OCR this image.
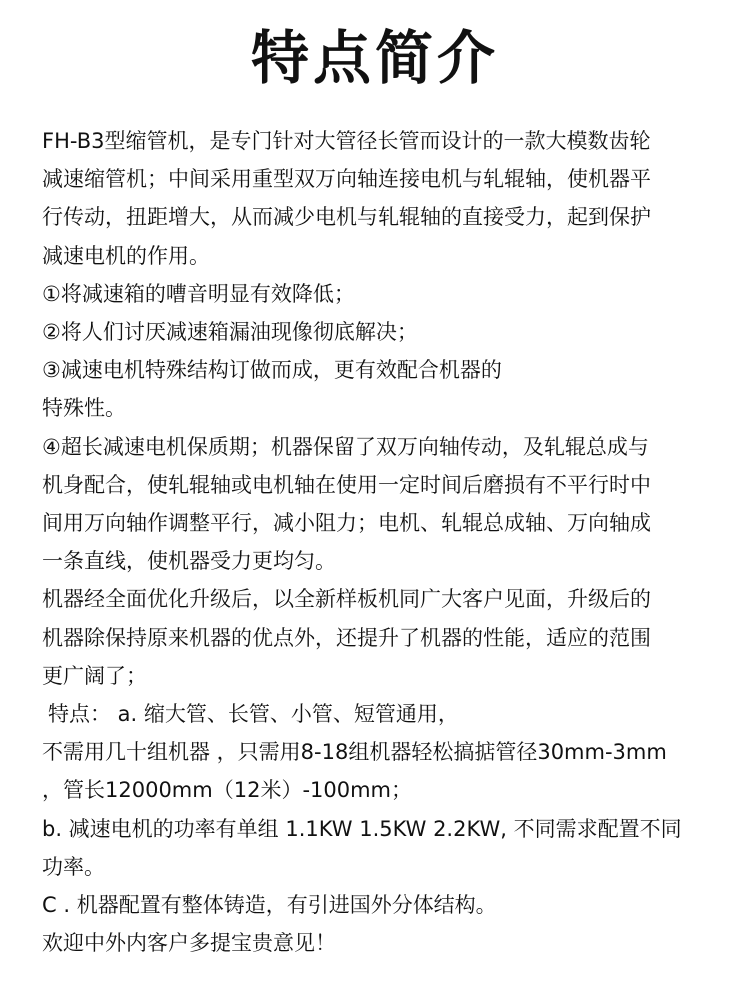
特点简介

FH-B3型缩管机，是专门针对大管径长管而设计的一款大模数齿轮

减速缩管机；中间采用重型双万向轴连接电机与轧辊轴，使机器平

行传动，扭距增大，从而减少电机与轧辊轴的直接受力，起到保护

减速电机的作用。

①将减速箱的嘈音明显有效降低；

②将人们讨厌减速箱漏油现像彻底解决；

③减速电机特殊结构订做而成，更有效配合机器的

特殊性。

④超长减速电机保质期；机器保留了双万向轴传动，及轧辊总成与

机身配合，使轧辊轴或电机轴在使用一定时间后磨损有不平行时中

间用万向轴作调整平行，减小阻力；电机、轧辊总成轴、万向轴成

一条直线，使机器受力更均匀。

机器经全面优化升级后，以全新样板机同广大客户见面，升级后的

机器除保持原来机器的优点外，还提升了机器的性能，适应的范围

更广阔了；

特点： a. 缩大管、长管、小管、短管通用，

不需用几十组机器 ，只需用8-18组机器轻松搞掂管径30mm-3mm

，管长12000mm（12米）-100mm；

b. 减速电机的功率有单组 1.1KW 1.5KW 2.2KW, 不同需求配置不同

功率。

C . 机器配置有整体铸造，有引进国外分体结构。

欢迎中外内客户多提宝贵意见！
